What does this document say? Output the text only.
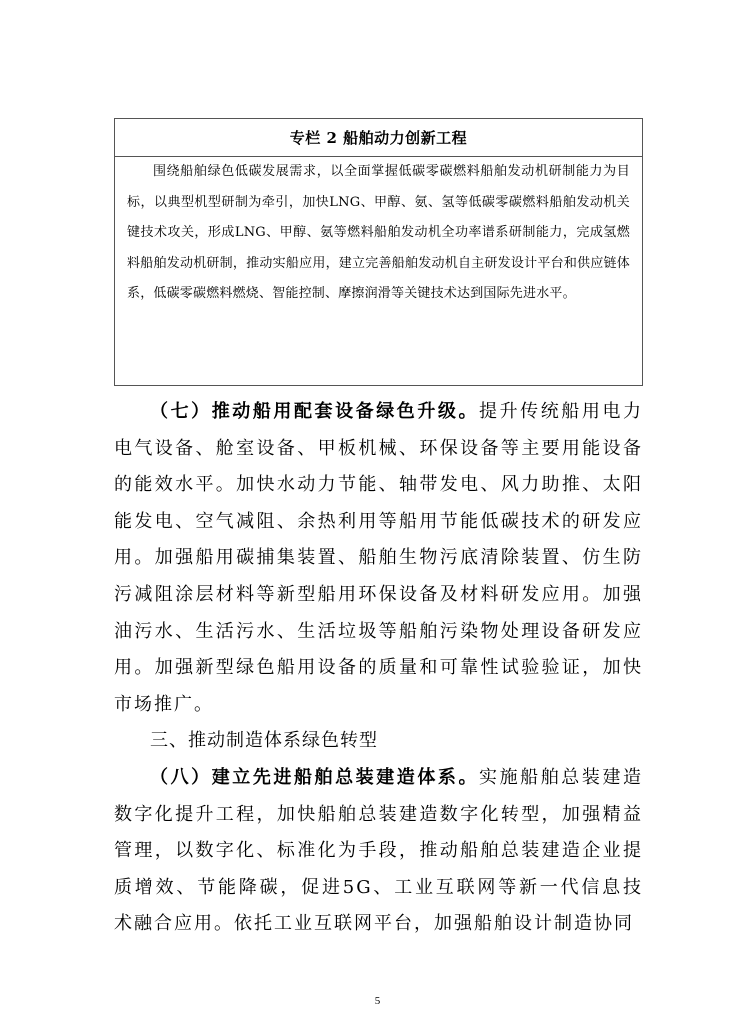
专栏 2 船舶动力创新工程
围绕船舶绿色低碳发展需求，以全面掌握低碳零碳燃料船舶发动机研制能力为目标，以典型机型研制为牵引，加快LNG、甲醇、氨、氢等低碳零碳燃料船舶发动机关键技术攻关，形成LNG、甲醇、氨等燃料船舶发动机全功率谱系研制能力，完成氢燃料船舶发动机研制，推动实船应用，建立完善船舶发动机自主研发设计平台和供应链体系，低碳零碳燃料燃烧、智能控制、摩擦润滑等关键技术达到国际先进水平。

（七）推动船用配套设备绿色升级。提升传统船用电力电气设备、舱室设备、甲板机械、环保设备等主要用能设备的能效水平。加快水动力节能、轴带发电、风力助推、太阳能发电、空气减阻、余热利用等船用节能低碳技术的研发应用。加强船用碳捕集装置、船舶生物污底清除装置、仿生防污减阻涂层材料等新型船用环保设备及材料研发应用。加强油污水、生活污水、生活垃圾等船舶污染物处理设备研发应用。加强新型绿色船用设备的质量和可靠性试验验证，加快市场推广。

三、推动制造体系绿色转型

（八）建立先进船舶总装建造体系。实施船舶总装建造数字化提升工程，加快船舶总装建造数字化转型，加强精益管理，以数字化、标准化为手段，推动船舶总装建造企业提质增效、节能降碳，促进5G、工业互联网等新一代信息技术融合应用。依托工业互联网平台，加强船舶设计制造协同

5
